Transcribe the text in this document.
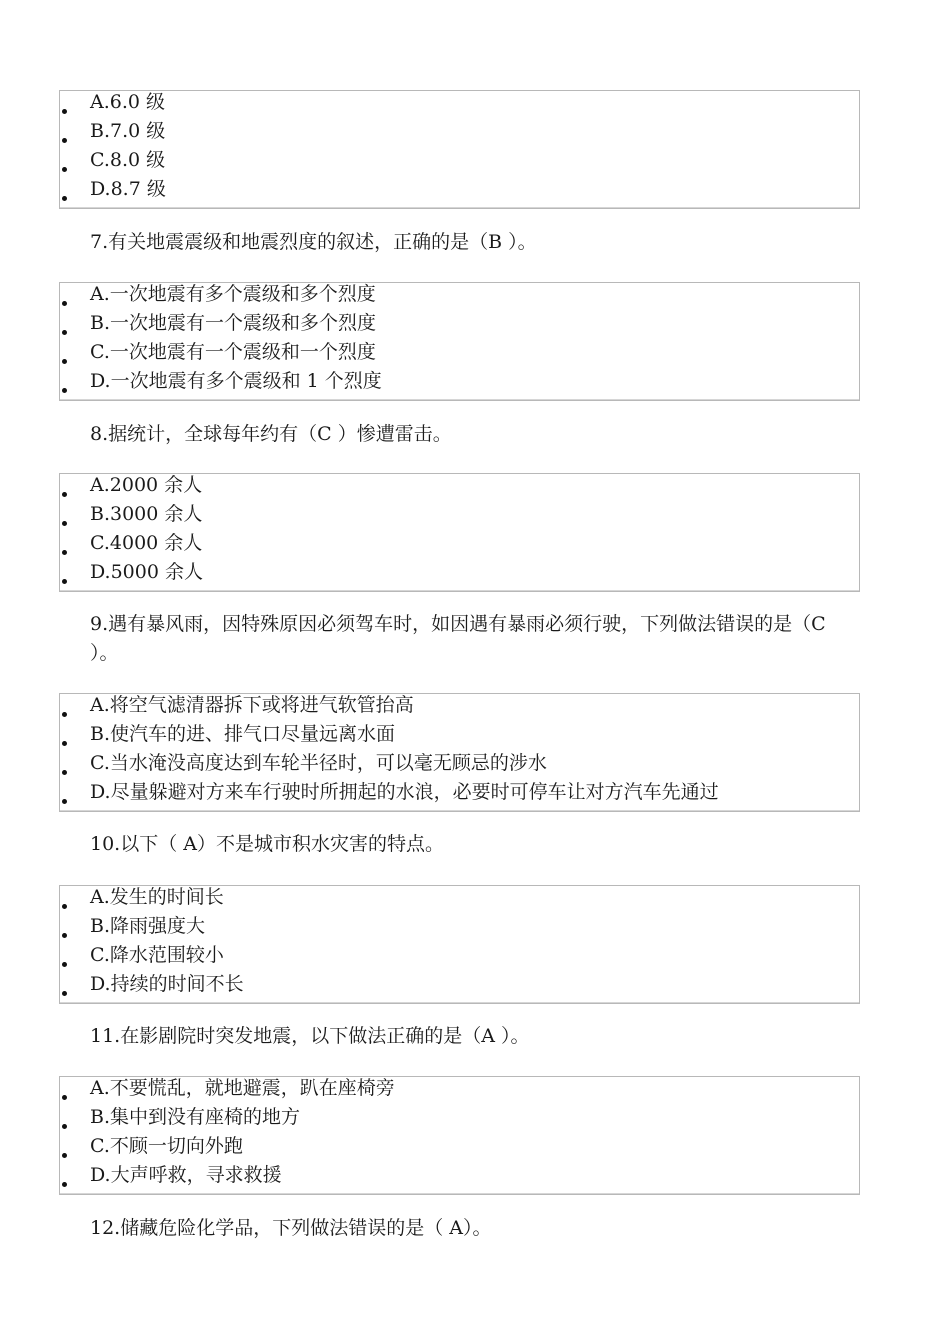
A.6.0 级
B.7.0 级
C.8.0 级
D.8.7 级

7.有关地震震级和地震烈度的叙述，正确的是（B ）。

A.一次地震有多个震级和多个烈度
B.一次地震有一个震级和多个烈度
C.一次地震有一个震级和一个烈度
D.一次地震有多个震级和 1 个烈度

8.据统计，全球每年约有（C ）惨遭雷击。

A.2000 余人
B.3000 余人
C.4000 余人
D.5000 余人

9.遇有暴风雨，因特殊原因必须驾车时，如因遇有暴雨必须行驶，下列做法错误的是（C ）。

A.将空气滤清器拆下或将进气软管抬高
B.使汽车的进、排气口尽量远离水面
C.当水淹没高度达到车轮半径时，可以毫无顾忌的涉水
D.尽量躲避对方来车行驶时所拥起的水浪，必要时可停车让对方汽车先通过

10.以下（ A）不是城市积水灾害的特点。

A.发生的时间长
B.降雨强度大
C.降水范围较小
D.持续的时间不长

11.在影剧院时突发地震，以下做法正确的是（A ）。

A.不要慌乱，就地避震，趴在座椅旁
B.集中到没有座椅的地方
C.不顾一切向外跑
D.大声呼救，寻求救援

12.储藏危险化学品，下列做法错误的是（ A）。
